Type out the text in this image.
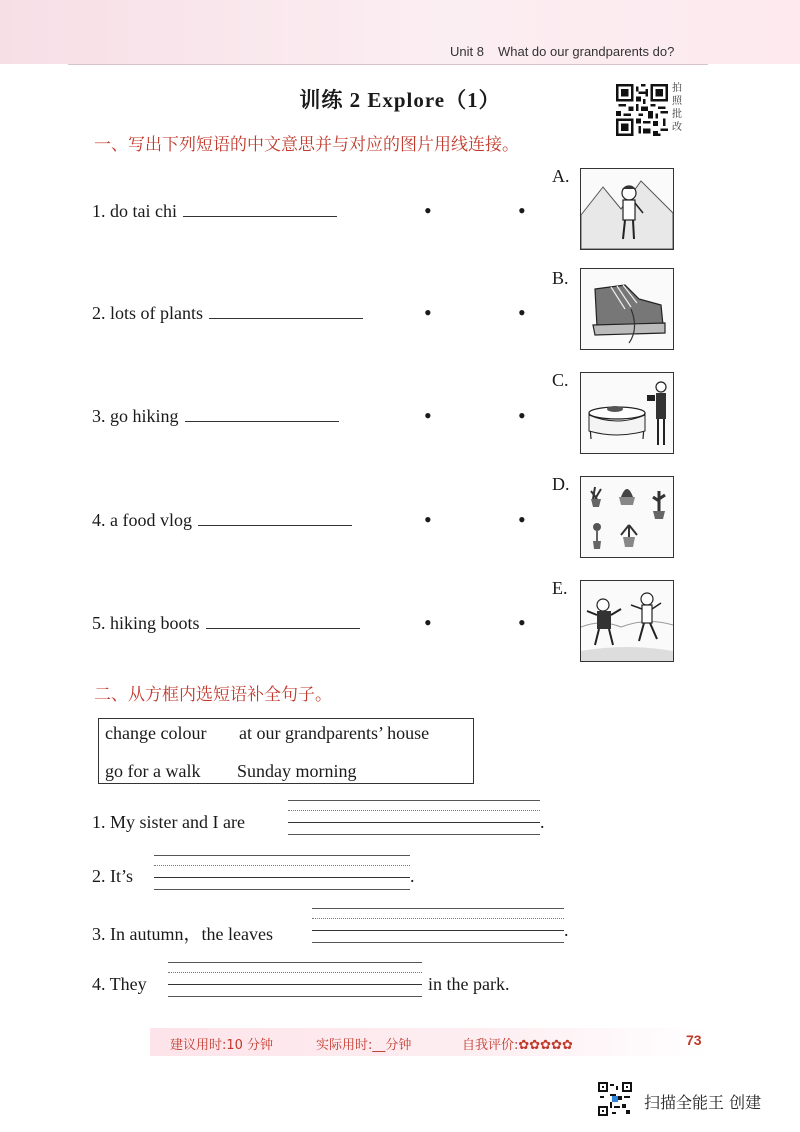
Unit 8 What do our grandparents do?
训练 2 Explore（1）	拍
照
批
改
一、写出下列短语的中文意思并与对应的图片用线连接。
1. do tai chi
2. lots of plants
3. go hiking
4. a food vlog
5. hiking boots
•	•
•	•
•	•
•	•
•	•
A.
B.
C.
D.
E.
二、从方框内选短语补全句子。
change colour at our grandparents’ house
go for a walk Sunday morning
1. My sister and I are	.
2. It’s	.
3. In autumn，the leaves	.
4. They	in the park.
建议用时:10 分钟	实际用时:__分钟	自我评价:✿✿✿✿✿	73
扫描全能王 创建
